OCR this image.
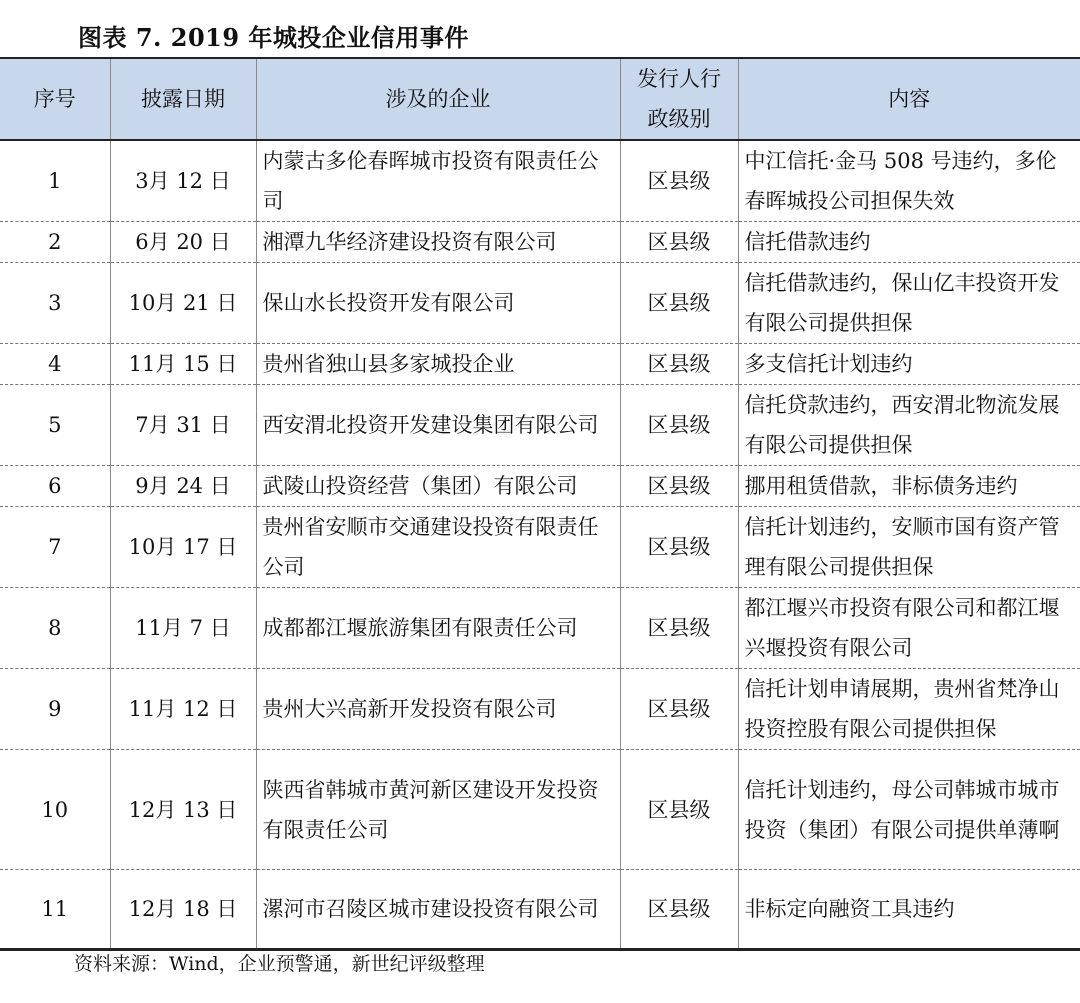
图表 7. 2019 年城投企业信用事件
序号	披露日期	涉及的企业	发行人行政级别	内容
1	3月 12 日	内蒙古多伦春晖城市投资有限责任公司	区县级	中江信托·金马 508 号违约，多伦春晖城投公司担保失效
2	6月 20 日	湘潭九华经济建设投资有限公司	区县级	信托借款违约
3	10月 21 日	保山水长投资开发有限公司	区县级	信托借款违约，保山亿丰投资开发有限公司提供担保
4	11月 15 日	贵州省独山县多家城投企业	区县级	多支信托计划违约
5	7月 31 日	西安渭北投资开发建设集团有限公司	区县级	信托贷款违约，西安渭北物流发展有限公司提供担保
6	9月 24 日	武陵山投资经营（集团）有限公司	区县级	挪用租赁借款，非标债务违约
7	10月 17 日	贵州省安顺市交通建设投资有限责任公司	区县级	信托计划违约，安顺市国有资产管理有限公司提供担保
8	11月 7 日	成都都江堰旅游集团有限责任公司	区县级	都江堰兴市投资有限公司和都江堰兴堰投资有限公司
9	11月 12 日	贵州大兴高新开发投资有限公司	区县级	信托计划申请展期，贵州省梵净山投资控股有限公司提供担保
10	12月 13 日	陕西省韩城市黄河新区建设开发投资有限责任公司	区县级	信托计划违约，母公司韩城市城市投资（集团）有限公司提供单薄啊
11	12月 18 日	漯河市召陵区城市建设投资有限公司	区县级	非标定向融资工具违约
资料来源：Wind，企业预警通，新世纪评级整理
